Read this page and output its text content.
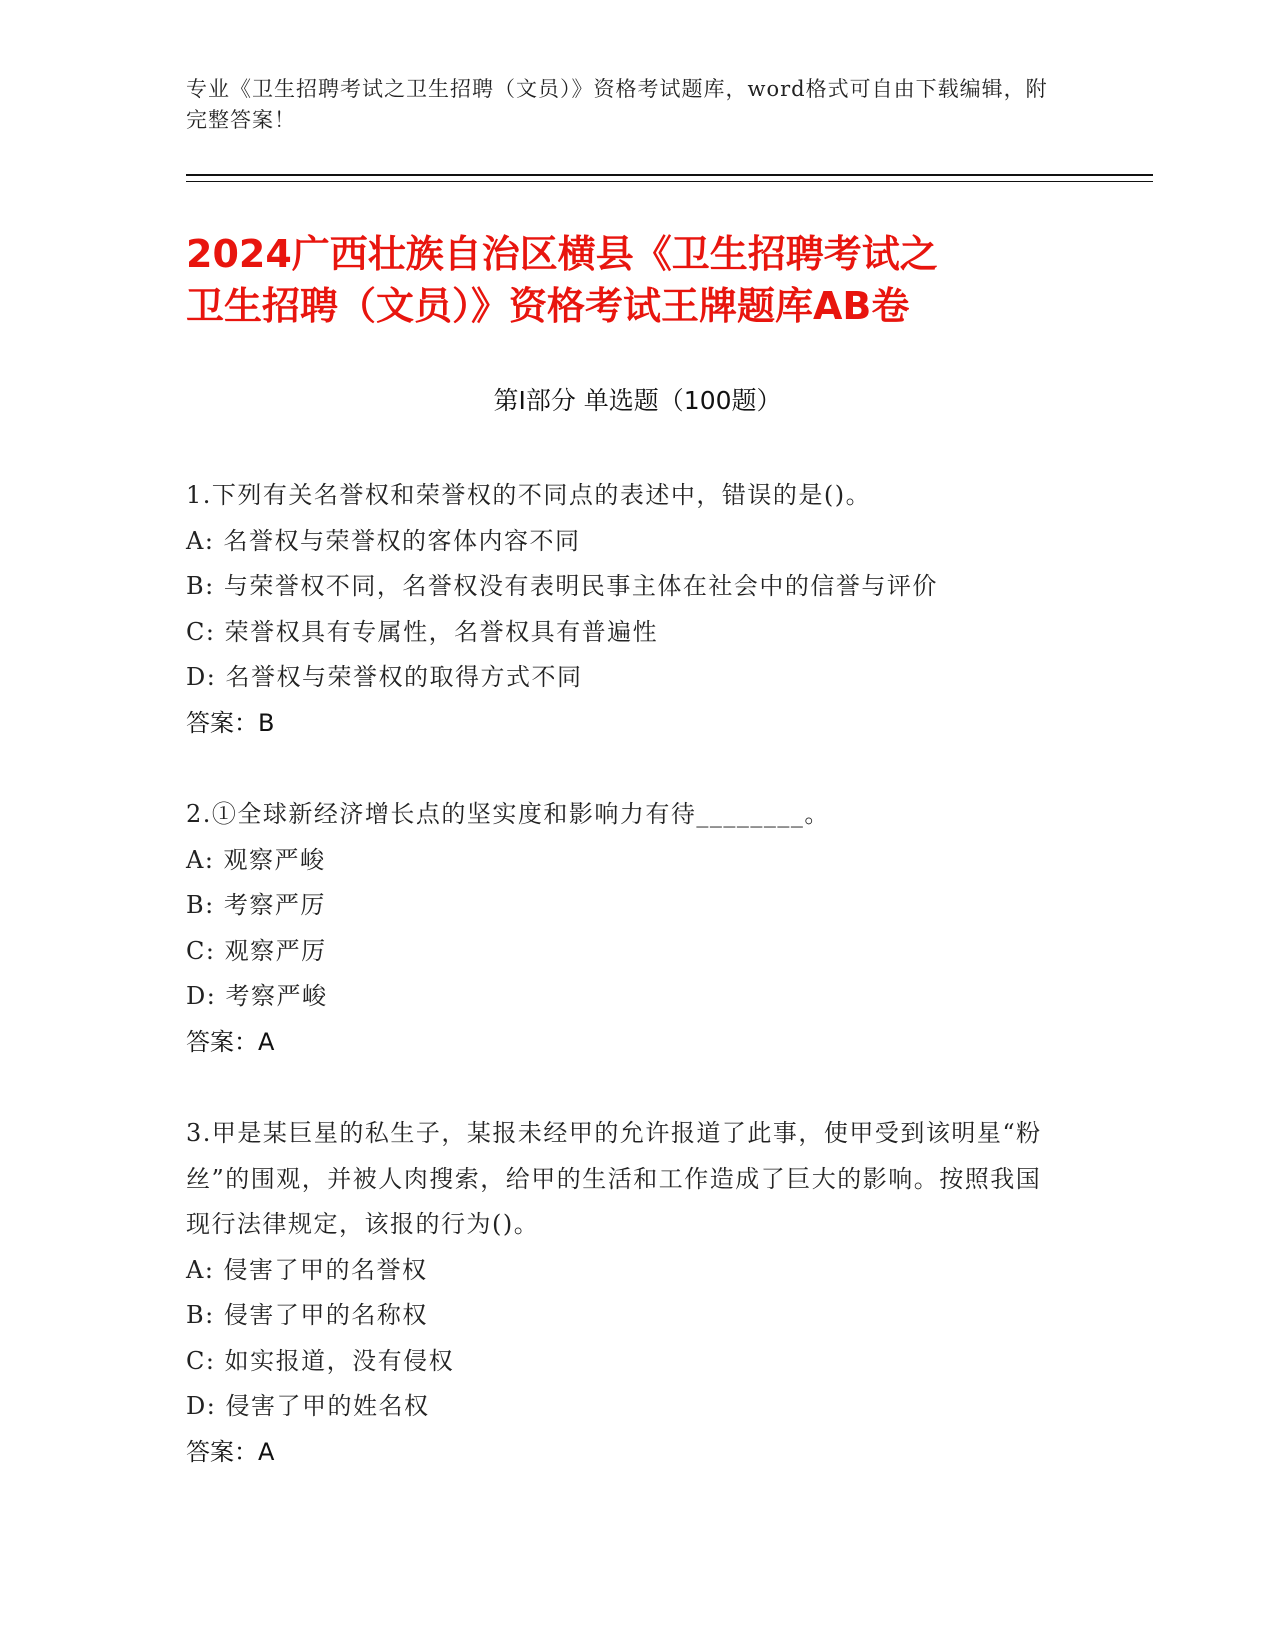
专业《卫生招聘考试之卫生招聘（文员）》资格考试题库，word格式可自由下载编辑，附完整答案！
2024广西壮族自治区横县《卫生招聘考试之
卫生招聘（文员）》资格考试王牌题库AB卷
第Ⅰ部分 单选题（100题）
1.下列有关名誉权和荣誉权的不同点的表述中，错误的是()。
A: 名誉权与荣誉权的客体内容不同
B: 与荣誉权不同，名誉权没有表明民事主体在社会中的信誉与评价
C: 荣誉权具有专属性，名誉权具有普遍性
D: 名誉权与荣誉权的取得方式不同
答案：B
2.①全球新经济增长点的坚实度和影响力有待________。
A: 观察严峻
B: 考察严厉
C: 观察严厉
D: 考察严峻
答案：A
3.甲是某巨星的私生子，某报未经甲的允许报道了此事，使甲受到该明星“粉丝”的围观，并被人肉搜索，给甲的生活和工作造成了巨大的影响。按照我国现行法律规定，该报的行为()。
A: 侵害了甲的名誉权
B: 侵害了甲的名称权
C: 如实报道，没有侵权
D: 侵害了甲的姓名权
答案：A
